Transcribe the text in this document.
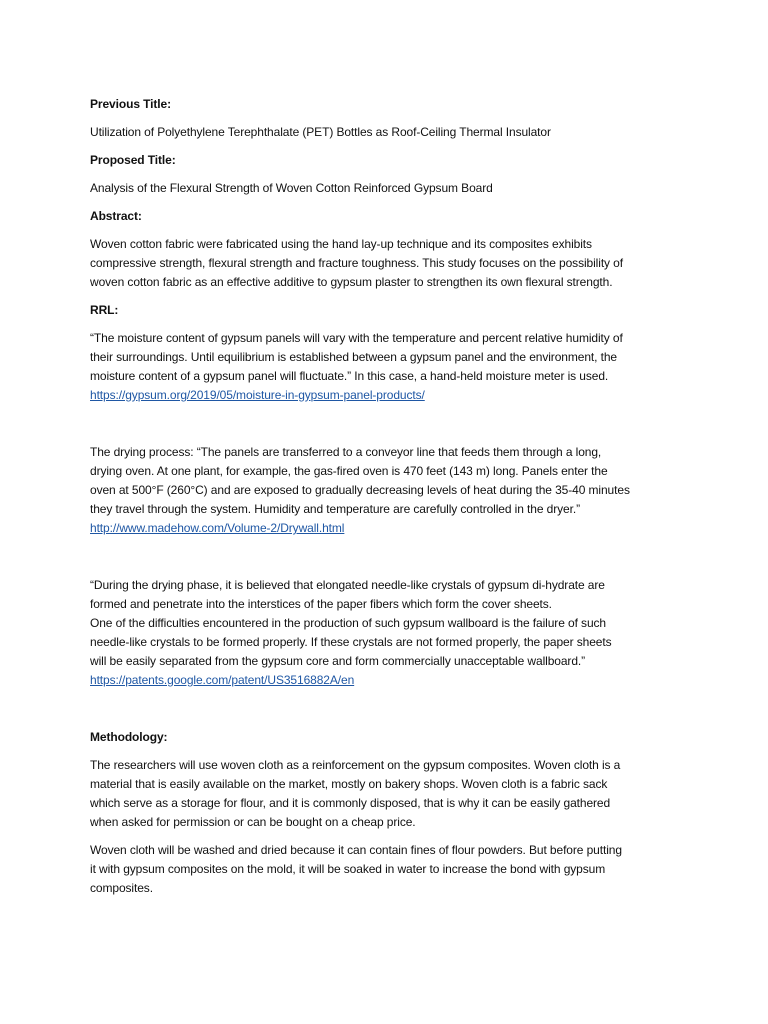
Previous Title:

Utilization of Polyethylene Terephthalate (PET) Bottles as Roof-Ceiling Thermal Insulator

Proposed Title:

Analysis of the Flexural Strength of Woven Cotton Reinforced Gypsum Board

Abstract:

Woven cotton fabric were fabricated using the hand lay-up technique and its composites exhibits
compressive strength, flexural strength and fracture toughness. This study focuses on the possibility of
woven cotton fabric as an effective additive to gypsum plaster to strengthen its own flexural strength.

RRL:

“The moisture content of gypsum panels will vary with the temperature and percent relative humidity of
their surroundings. Until equilibrium is established between a gypsum panel and the environment, the
moisture content of a gypsum panel will fluctuate.” In this case, a hand-held moisture meter is used.
https://gypsum.org/2019/05/moisture-in-gypsum-panel-products/

The drying process: “The panels are transferred to a conveyor line that feeds them through a long,
drying oven. At one plant, for example, the gas-fired oven is 470 feet (143 m) long. Panels enter the
oven at 500°F (260°C) and are exposed to gradually decreasing levels of heat during the 35-40 minutes
they travel through the system. Humidity and temperature are carefully controlled in the dryer.”
http://www.madehow.com/Volume-2/Drywall.html

“During the drying phase, it is believed that elongated needle-like crystals of gypsum di-hydrate are
formed and penetrate into the interstices of the paper fibers which form the cover sheets.
One of the difficulties encountered in the production of such gypsum wallboard is the failure of such
needle-like crystals to be formed properly. If these crystals are not formed properly, the paper sheets
will be easily separated from the gypsum core and form commercially unacceptable wallboard.”
https://patents.google.com/patent/US3516882A/en

Methodology:

The researchers will use woven cloth as a reinforcement on the gypsum composites. Woven cloth is a
material that is easily available on the market, mostly on bakery shops. Woven cloth is a fabric sack
which serve as a storage for flour, and it is commonly disposed, that is why it can be easily gathered
when asked for permission or can be bought on a cheap price.

Woven cloth will be washed and dried because it can contain fines of flour powders. But before putting
it with gypsum composites on the mold, it will be soaked in water to increase the bond with gypsum
composites.
